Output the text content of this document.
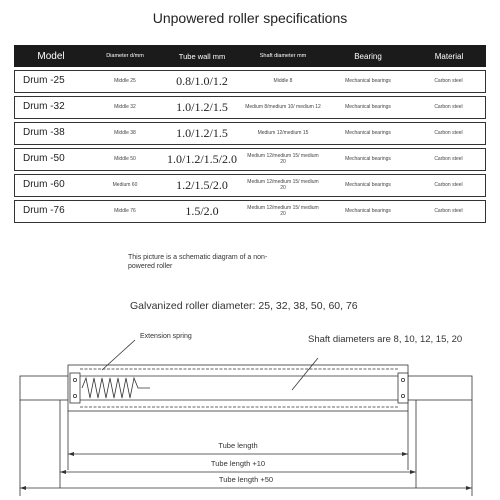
Unpowered roller specifications
Model	Diameter d/mm	Tube wall mm	Shaft diameter mm	Bearing	Material
Drum -25	Middle 25	0.8/1.0/1.2	Middle 8	Mechanical bearings	Carbon steel
Drum -32	Middle 32	1.0/1.2/1.5	Medium 8/medium 10/ medium 12	Mechanical bearings	Carbon steel
Drum -38	Middle 38	1.0/1.2/1.5	Medium 12/medium 15	Mechanical bearings	Carbon steel
Drum -50	Middle 50	1.0/1.2/1.5/2.0	Medium 12/medium 15/ medium 20	Mechanical bearings	Carbon steel
Drum -60	Medium 60	1.2/1.5/2.0	Medium 12/medium 15/ medium 20	Mechanical bearings	Carbon steel
Drum -76	Middle 76	1.5/2.0	Medium 12/medium 15/ medium 20	Mechanical bearings	Carbon steel
This picture is a schematic diagram of a non-powered roller
Galvanized roller diameter: 25, 32, 38, 50, 60, 76
Extension spring	Shaft diameters are 8, 10, 12, 15, 20
Tube length
Tube length +10
Tube length +50
